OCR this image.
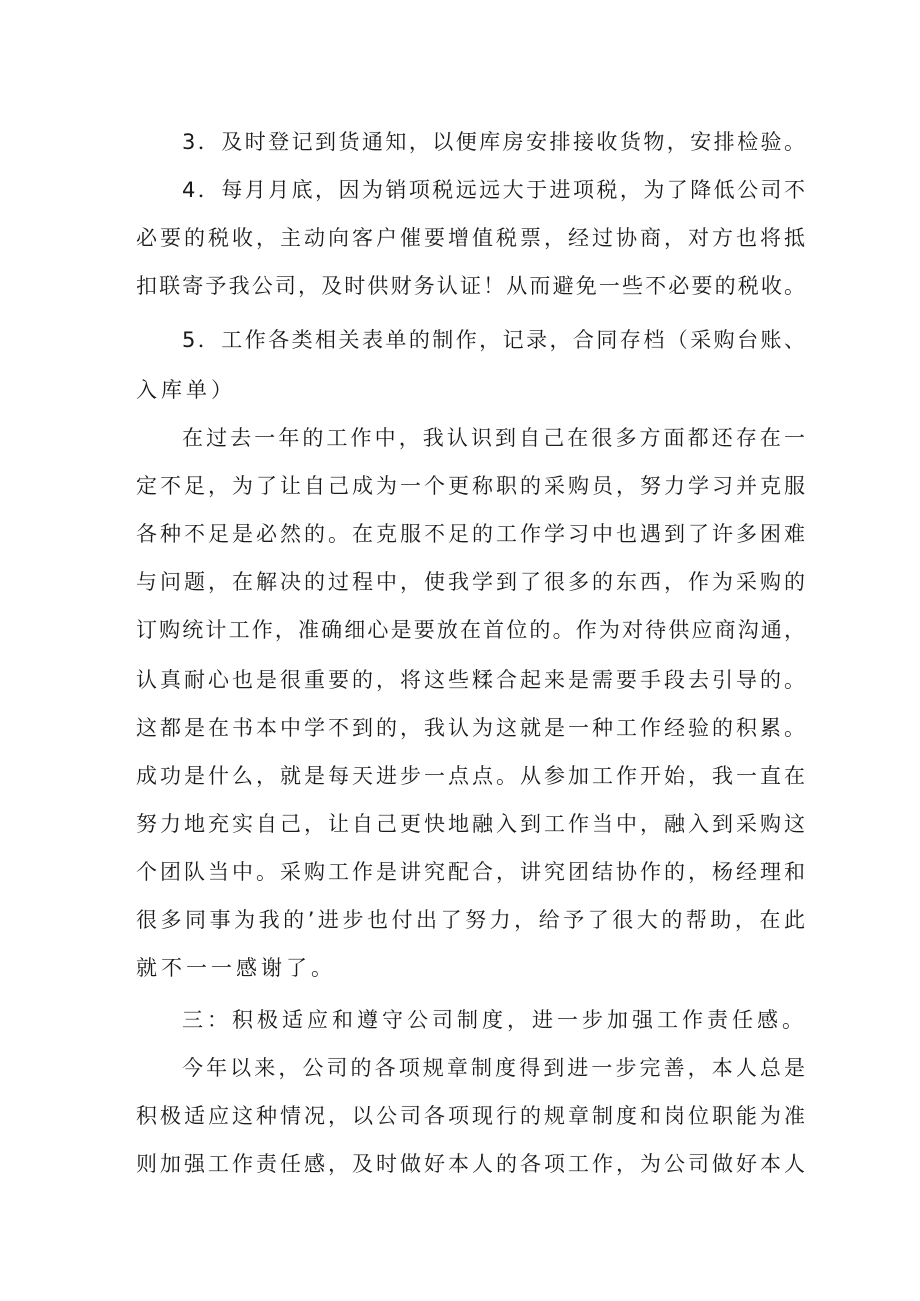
3．及时登记到货通知，以便库房安排接收货物，安排检验。

4．每月月底，因为销项税远远大于进项税，为了降低公司不

必要的税收，主动向客户催要增值税票，经过协商，对方也将抵

扣联寄予我公司，及时供财务认证！从而避免一些不必要的税收。

5．工作各类相关表单的制作，记录，合同存档（采购台账、

入库单）

在过去一年的工作中，我认识到自己在很多方面都还存在一

定不足，为了让自己成为一个更称职的采购员，努力学习并克服

各种不足是必然的。在克服不足的工作学习中也遇到了许多困难

与问题，在解决的过程中，使我学到了很多的东西，作为采购的

订购统计工作，准确细心是要放在首位的。作为对待供应商沟通，

认真耐心也是很重要的，将这些糅合起来是需要手段去引导的。

这都是在书本中学不到的，我认为这就是一种工作经验的积累。

成功是什么，就是每天进步一点点。从参加工作开始，我一直在

努力地充实自己，让自己更快地融入到工作当中，融入到采购这

个团队当中。采购工作是讲究配合，讲究团结协作的，杨经理和

很多同事为我的’进步也付出了努力，给予了很大的帮助，在此

就不一一感谢了。

三：积极适应和遵守公司制度，进一步加强工作责任感。

今年以来，公司的各项规章制度得到进一步完善，本人总是

积极适应这种情况，以公司各项现行的规章制度和岗位职能为准

则加强工作责任感，及时做好本人的各项工作，为公司做好本人
